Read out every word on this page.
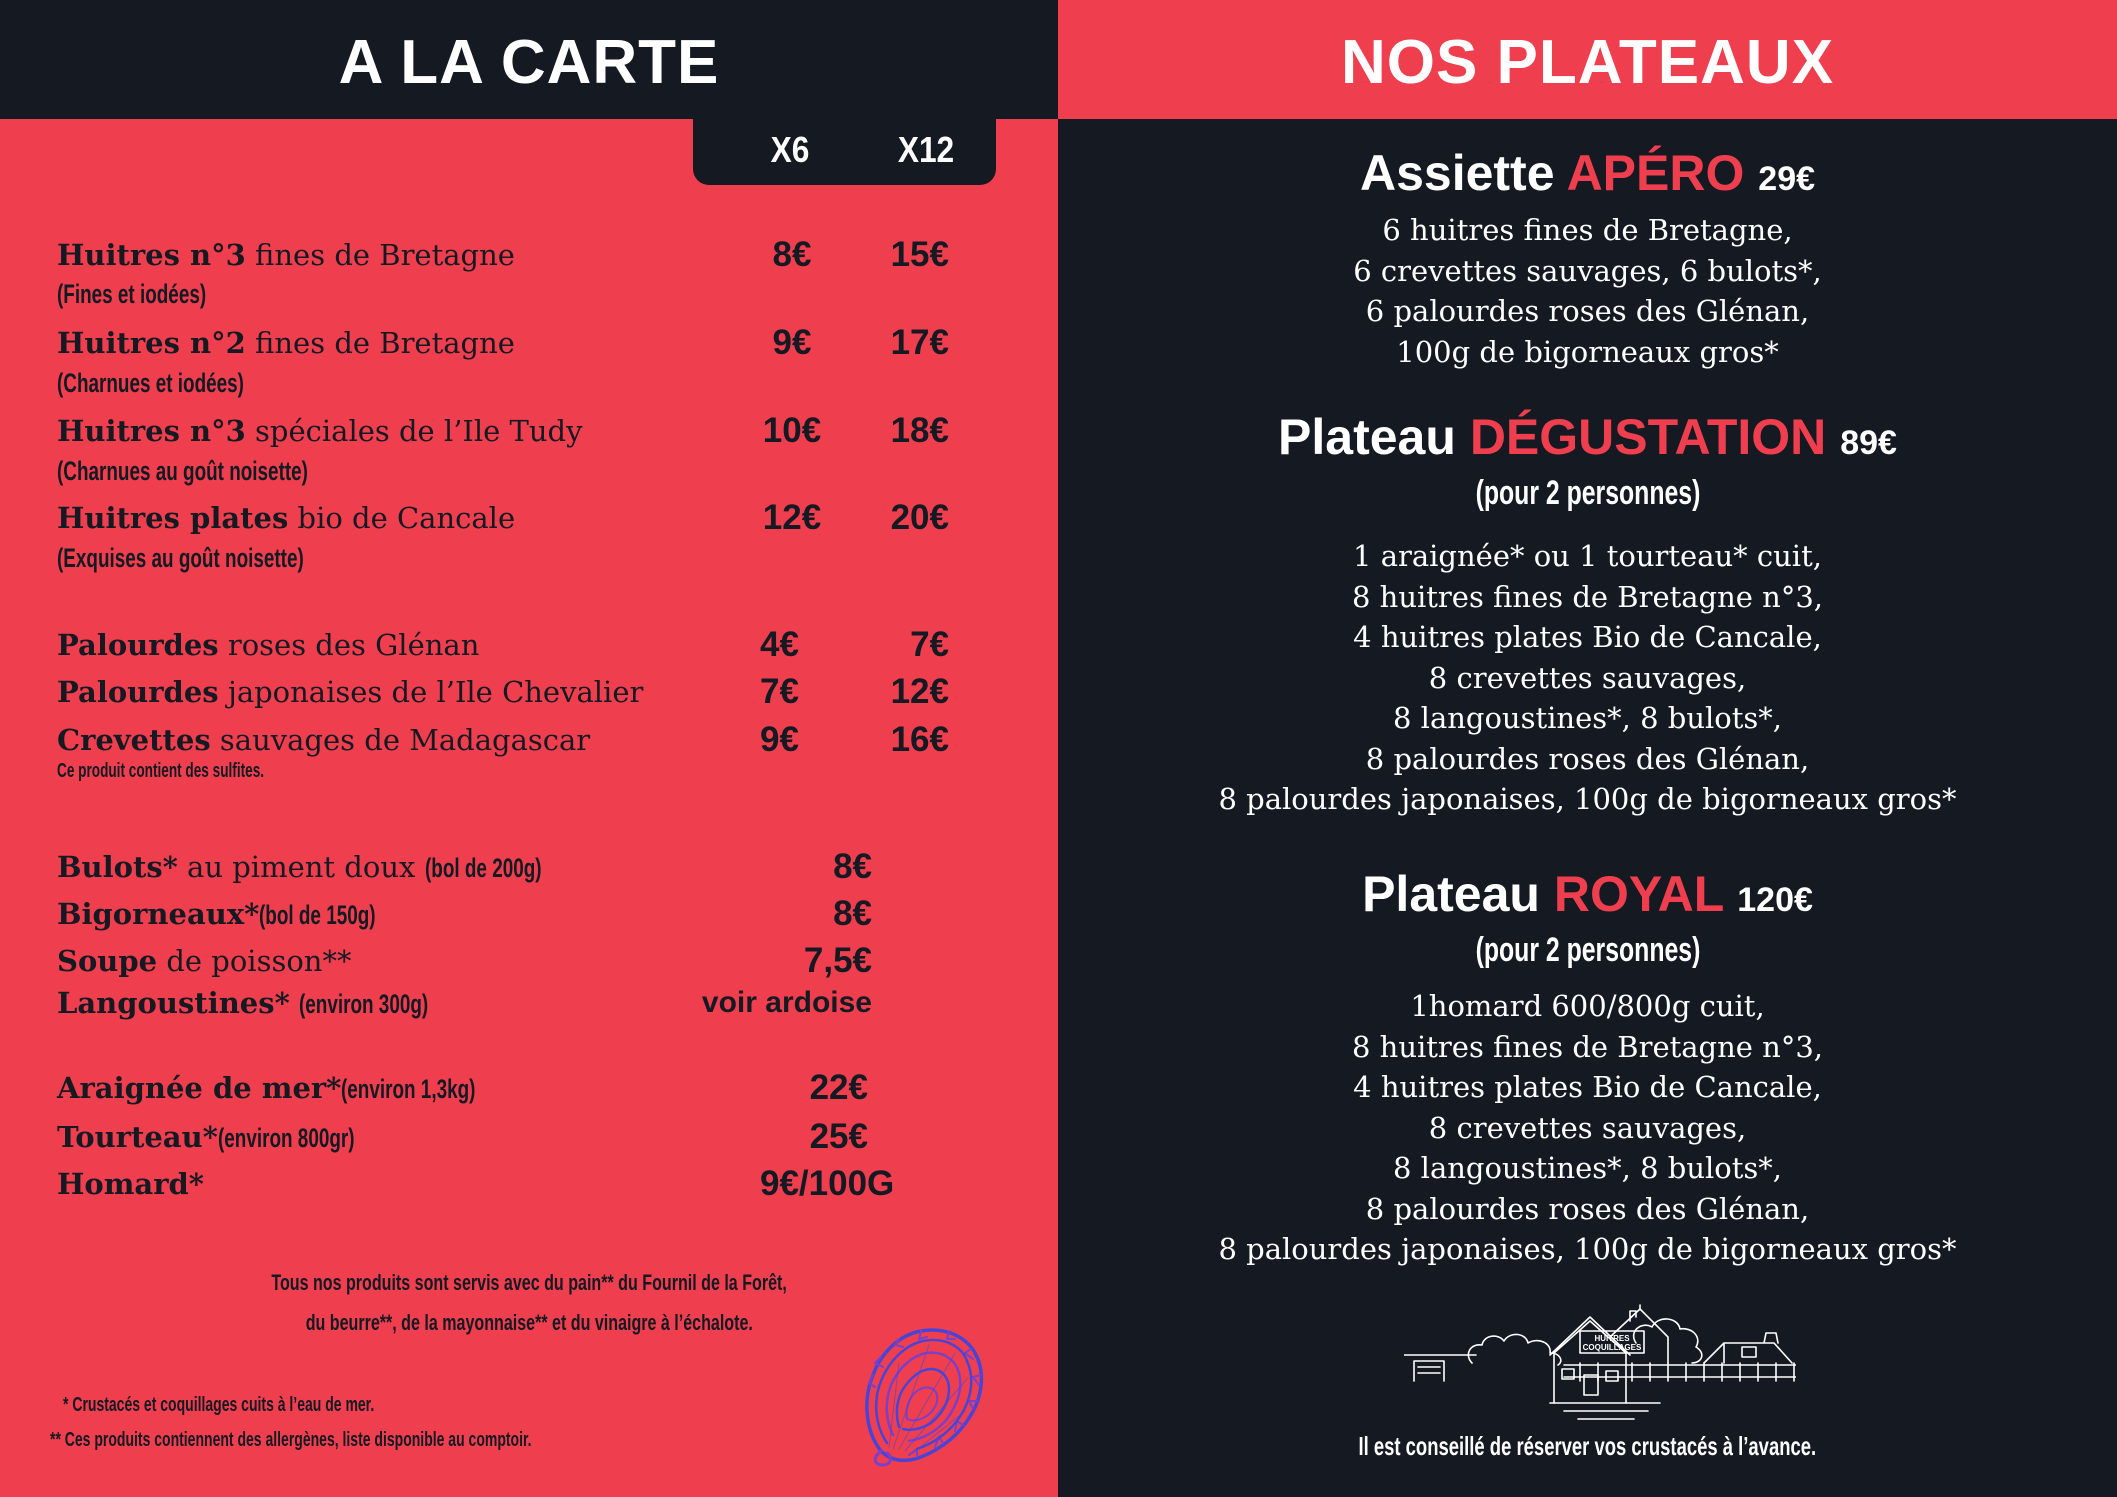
A LA CARTE
X6	X12
Huitres n°3 fines de Bretagne
(Fines et iodées)
8€	15€
Huitres n°2 fines de Bretagne
(Charnues et iodées)
9€	17€
Huitres n°3 spéciales de l’Ile Tudy
(Charnues au goût noisette)
10€	18€
Huitres plates bio de Cancale
(Exquises au goût noisette)
12€	20€
Palourdes roses des Glénan	4€	7€
Palourdes japonaises de l’Ile Chevalier	7€	12€
Crevettes sauvages de Madagascar	9€	16€
Ce produit contient des sulfites.
Bulots* au piment doux (bol de 200g)	8€
Bigorneaux*(bol de 150g)	8€
Soupe de poisson**	7,5€
Langoustines* (environ 300g)	voir ardoise
Araignée de mer*(environ 1,3kg)	22€
Tourteau*(environ 800gr)	25€
Homard*	9€/100G
Tous nos produits sont servis avec du pain** du Fournil de la Forêt,
du beurre**, de la mayonnaise** et du vinaigre à l’échalote.
* Crustacés et coquillages cuits à l’eau de mer.
** Ces produits contiennent des allergènes, liste disponible au comptoir.
NOS PLATEAUX
Assiette APÉRO 29€
6 huitres fines de Bretagne,
6 crevettes sauvages, 6 bulots*,
6 palourdes roses des Glénan,
100g de bigorneaux gros*
Plateau DÉGUSTATION 89€
(pour 2 personnes)
1 araignée* ou 1 tourteau* cuit,
8 huitres fines de Bretagne n°3,
4 huitres plates Bio de Cancale,
8 crevettes sauvages,
8 langoustines*, 8 bulots*,
8 palourdes roses des Glénan,
8 palourdes japonaises, 100g de bigorneaux gros*
Plateau ROYAL 120€
(pour 2 personnes)
1homard 600/800g cuit,
8 huitres fines de Bretagne n°3,
4 huitres plates Bio de Cancale,
8 crevettes sauvages,
8 langoustines*, 8 bulots*,
8 palourdes roses des Glénan,
8 palourdes japonaises, 100g de bigorneaux gros*
HUITRES
COQUILLAGES
Il est conseillé de réserver vos crustacés à l’avance.
